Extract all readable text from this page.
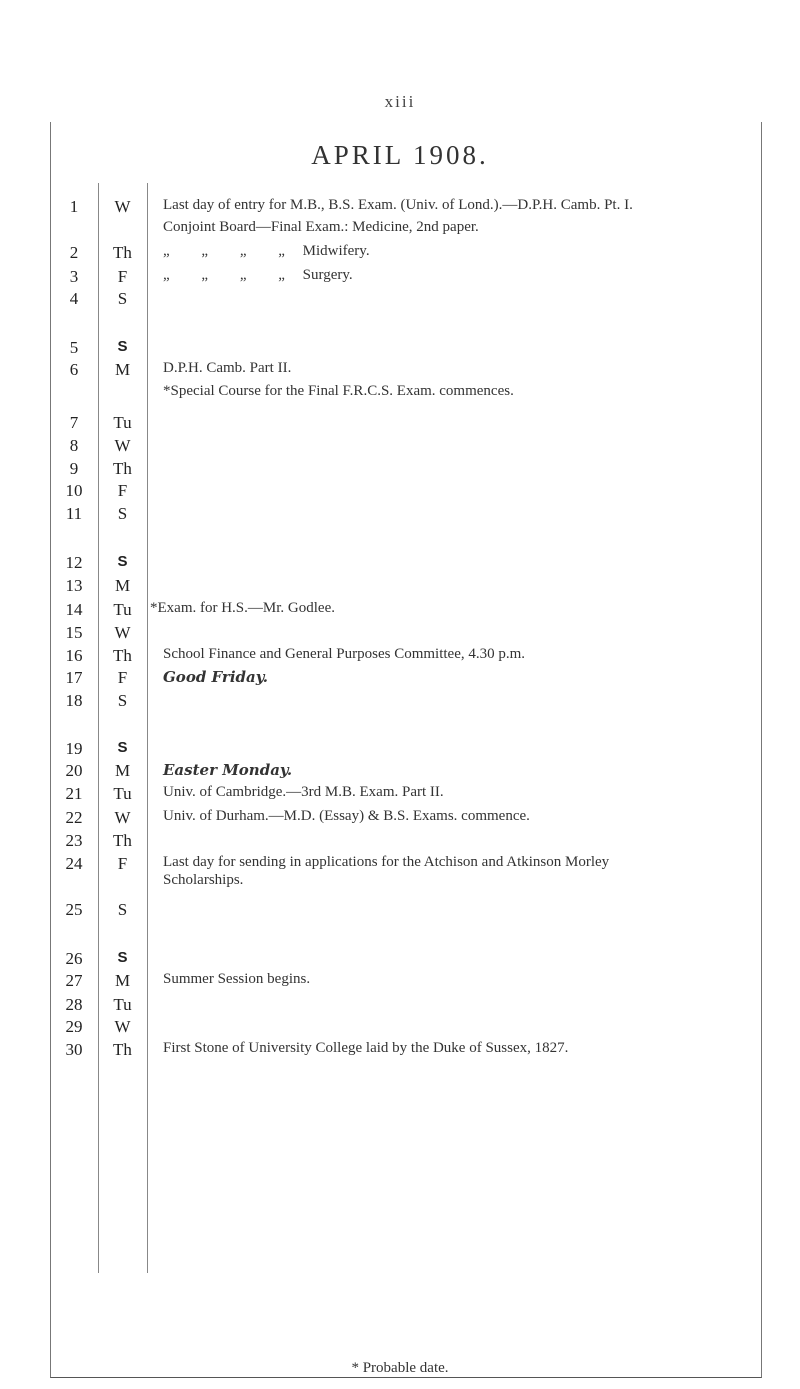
xiii
APRIL 1908.
1	W	Last day of entry for M.B., B.S. Exam. (Univ. of Lond.).—D.P.H. Camb. Pt. I.
Conjoint Board—Final Exam.: Medicine, 2nd paper.
2	Th	„ „ „ „ Midwifery.
3	F	„ „ „ „ Surgery.
4	S
5	S
6	M	D.P.H. Camb. Part II.
*Special Course for the Final F.R.C.S. Exam. commences.
7	Tu
8	W
9	Th
10	F
11	S
12	S
13	M
14	Tu	*Exam. for H.S.—Mr. Godlee.
15	W
16	Th	School Finance and General Purposes Committee, 4.30 p.m.
17	F	Good Friday.
18	S
19	S
20	M	Easter Monday.
21	Tu	Univ. of Cambridge.—3rd M.B. Exam. Part II.
22	W	Univ. of Durham.—M.D. (Essay) & B.S. Exams. commence.
23	Th
24	F	Last day for sending in applications for the Atchison and Atkinson Morley
Scholarships.
25	S
26	S
27	M	Summer Session begins.
28	Tu
29	W
30	Th	First Stone of University College laid by the Duke of Sussex, 1827.
* Probable date.
